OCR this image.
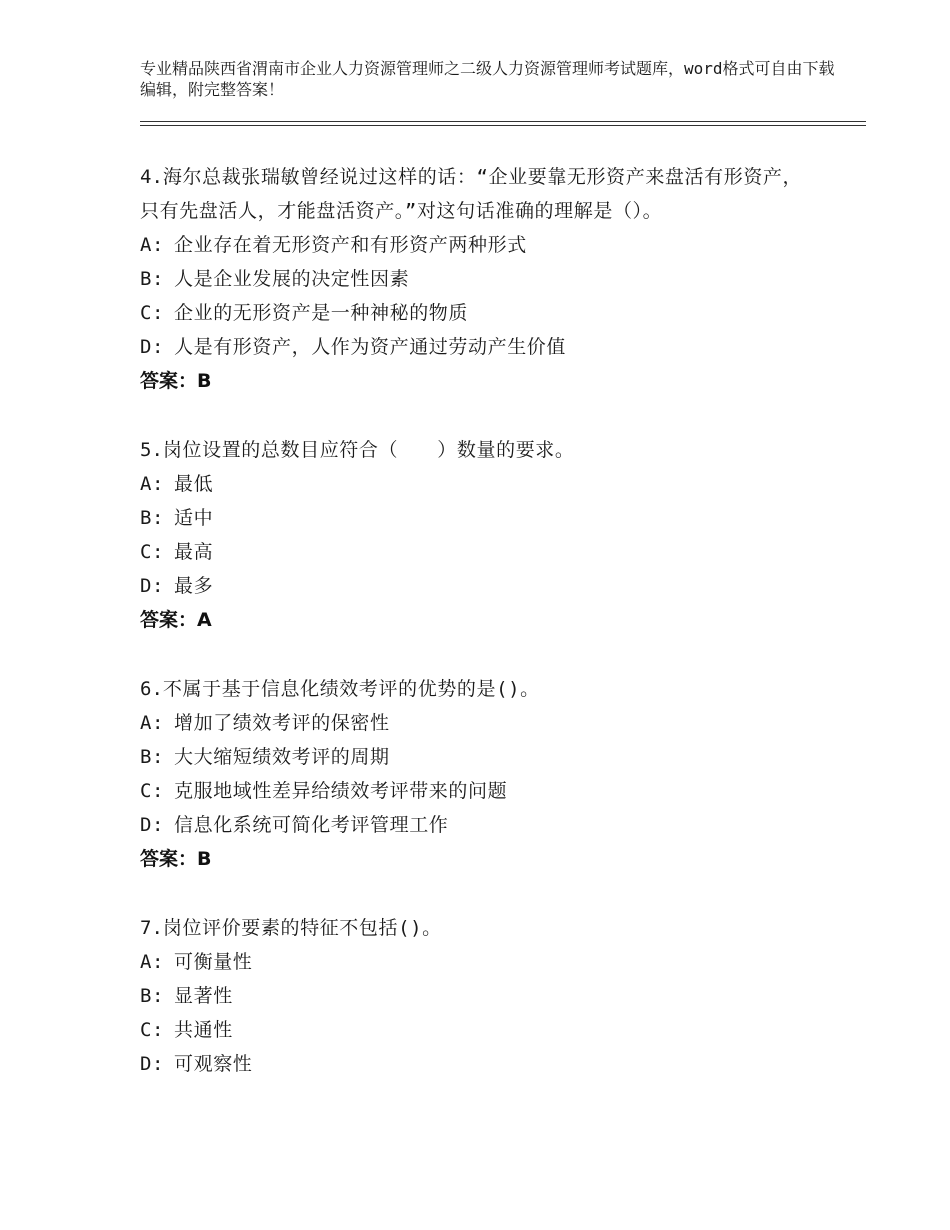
专业精品陕西省渭南市企业人力资源管理师之二级人力资源管理师考试题库，word格式可自由下载编辑，附完整答案！
4.海尔总裁张瑞敏曾经说过这样的话：“企业要靠无形资产来盘活有形资产，只有先盘活人，才能盘活资产。”对这句话准确的理解是（）。
A: 企业存在着无形资产和有形资产两种形式
B: 人是企业发展的决定性因素
C: 企业的无形资产是一种神秘的物质
D: 人是有形资产，人作为资产通过劳动产生价值
答案：B
5.岗位设置的总数目应符合（　　）数量的要求。
A: 最低
B: 适中
C: 最高
D: 最多
答案：A
6.不属于基于信息化绩效考评的优势的是()。
A: 增加了绩效考评的保密性
B: 大大缩短绩效考评的周期
C: 克服地域性差异给绩效考评带来的问题
D: 信息化系统可简化考评管理工作
答案：B
7.岗位评价要素的特征不包括()。
A: 可衡量性
B: 显著性
C: 共通性
D: 可观察性
